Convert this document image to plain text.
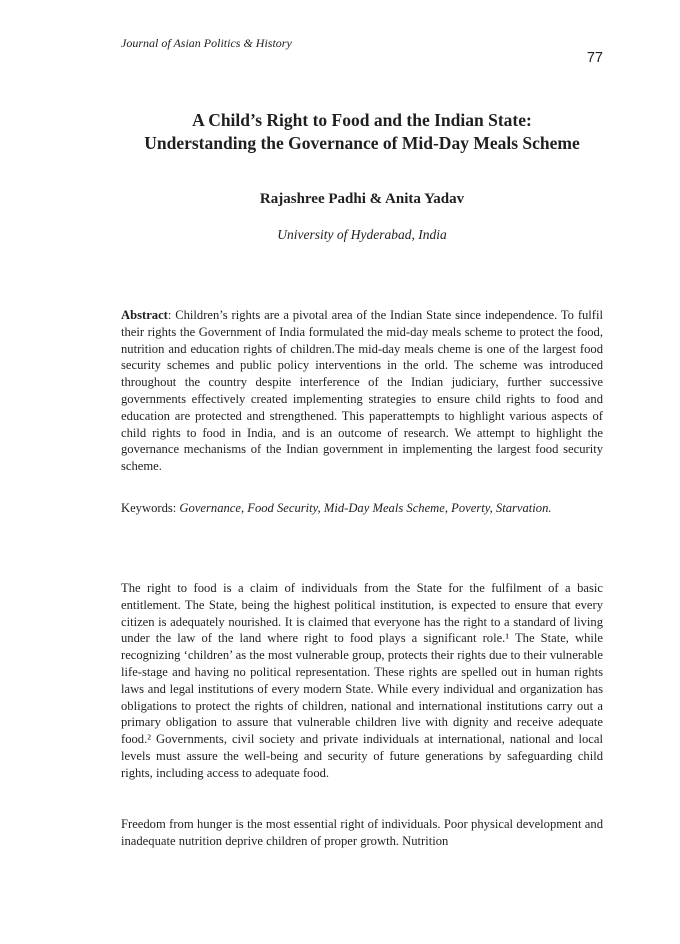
Journal of Asian Politics & History
77
A Child’s Right to Food and the Indian State:
Understanding the Governance of Mid-Day Meals Scheme
Rajashree Padhi & Anita Yadav
University of Hyderabad, India
Abstract: Children’s rights are a pivotal area of the Indian State since independence. To fulfil their rights the Government of India formulated the mid-day meals scheme to protect the food, nutrition and education rights of children.The mid-day meals cheme is one of the largest food security schemes and public policy interventions in the orld. The scheme was introduced throughout the country despite interference of the Indian judiciary, further successive governments effectively created implementing strategies to ensure child rights to food and education are protected and strengthened. This paperattempts to highlight various aspects of child rights to food in India, and is an outcome of research. We attempt to highlight the governance mechanisms of the Indian government in implementing the largest food security scheme.
Keywords: Governance, Food Security, Mid-Day Meals Scheme, Poverty, Starvation.
The right to food is a claim of individuals from the State for the fulfilment of a basic entitlement. The State, being the highest political institution, is expected to ensure that every citizen is adequately nourished. It is claimed that everyone has the right to a standard of living under the law of the land where right to food plays a significant role.¹ The State, while recognizing ‘children’ as the most vulnerable group, protects their rights due to their vulnerable life-stage and having no political representation. These rights are spelled out in human rights laws and legal institutions of every modern State. While every individual and organization has obligations to protect the rights of children, national and international institutions carry out a primary obligation to assure that vulnerable children live with dignity and receive adequate food.² Governments, civil society and private individuals at international, national and local levels must assure the well-being and security of future generations by safeguarding child rights, including access to adequate food.
Freedom from hunger is the most essential right of individuals. Poor physical development and inadequate nutrition deprive children of proper growth. Nutrition
